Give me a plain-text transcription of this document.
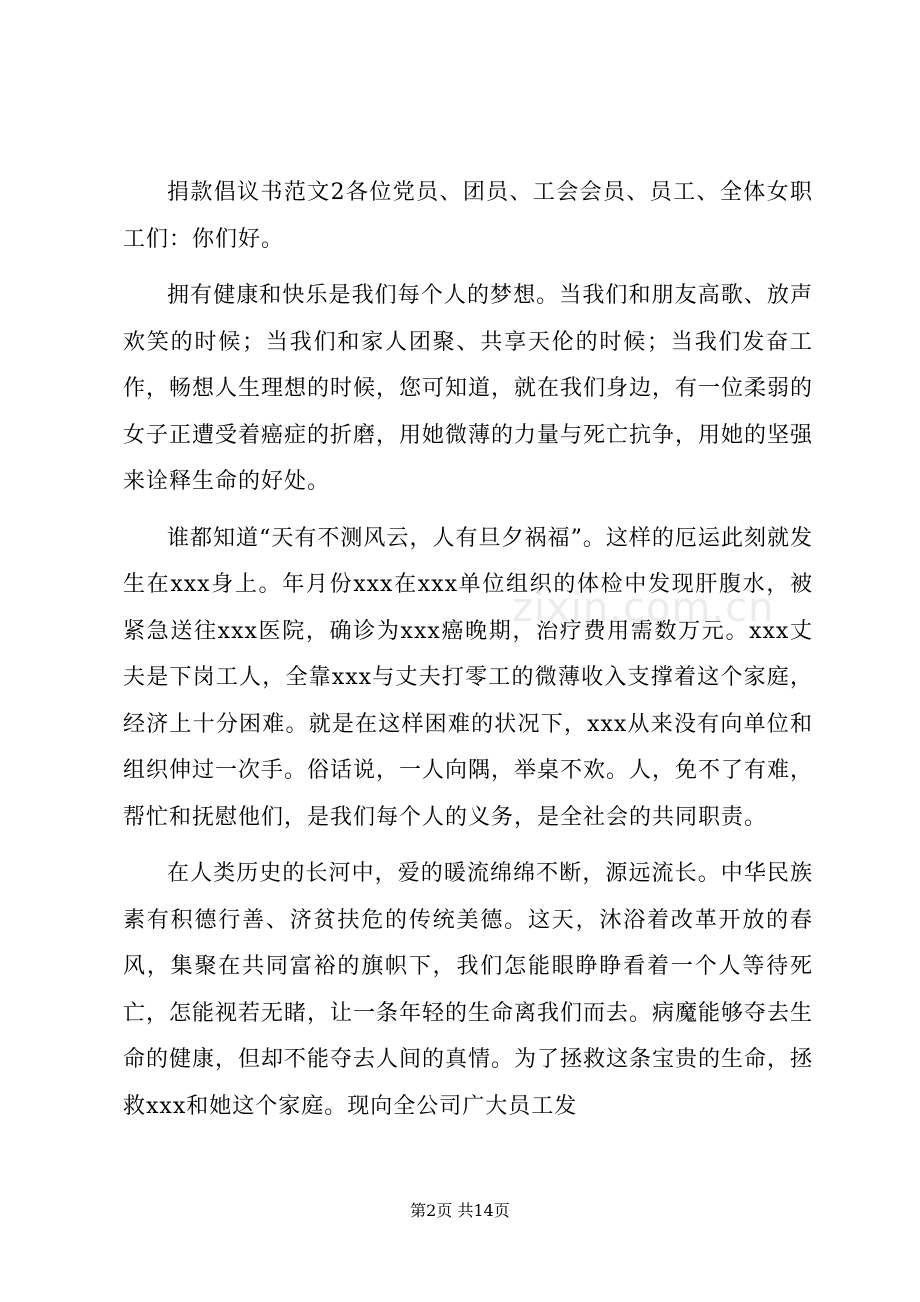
捐款倡议书范文2各位党员、团员、工会会员、员工、全体女职工们：你们好。

拥有健康和快乐是我们每个人的梦想。当我们和朋友高歌、放声欢笑的时候；当我们和家人团聚、共享天伦的时候；当我们发奋工作，畅想人生理想的时候，您可知道，就在我们身边，有一位柔弱的女子正遭受着癌症的折磨，用她微薄的力量与死亡抗争，用她的坚强来诠释生命的好处。

谁都知道“天有不测风云，人有旦夕祸福”。这样的厄运此刻就发生在xxx身上。年月份xxx在xxx单位组织的体检中发现肝腹水，被紧急送往xxx医院，确诊为xxx癌晚期，治疗费用需数万元。xxx丈夫是下岗工人，全靠xxx与丈夫打零工的微薄收入支撑着这个家庭，经济上十分困难。就是在这样困难的状况下，xxx从来没有向单位和组织伸过一次手。俗话说，一人向隅，举桌不欢。人，免不了有难，帮忙和抚慰他们，是我们每个人的义务，是全社会的共同职责。

在人类历史的长河中，爱的暖流绵绵不断，源远流长。中华民族素有积德行善、济贫扶危的传统美德。这天，沐浴着改革开放的春风，集聚在共同富裕的旗帜下，我们怎能眼睁睁看着一个人等待死亡，怎能视若无睹，让一条年轻的生命离我们而去。病魔能够夺去生命的健康，但却不能夺去人间的真情。为了拯救这条宝贵的生命，拯救xxx和她这个家庭。现向全公司广大员工发

zixin.com.cn
第2页 共14页
